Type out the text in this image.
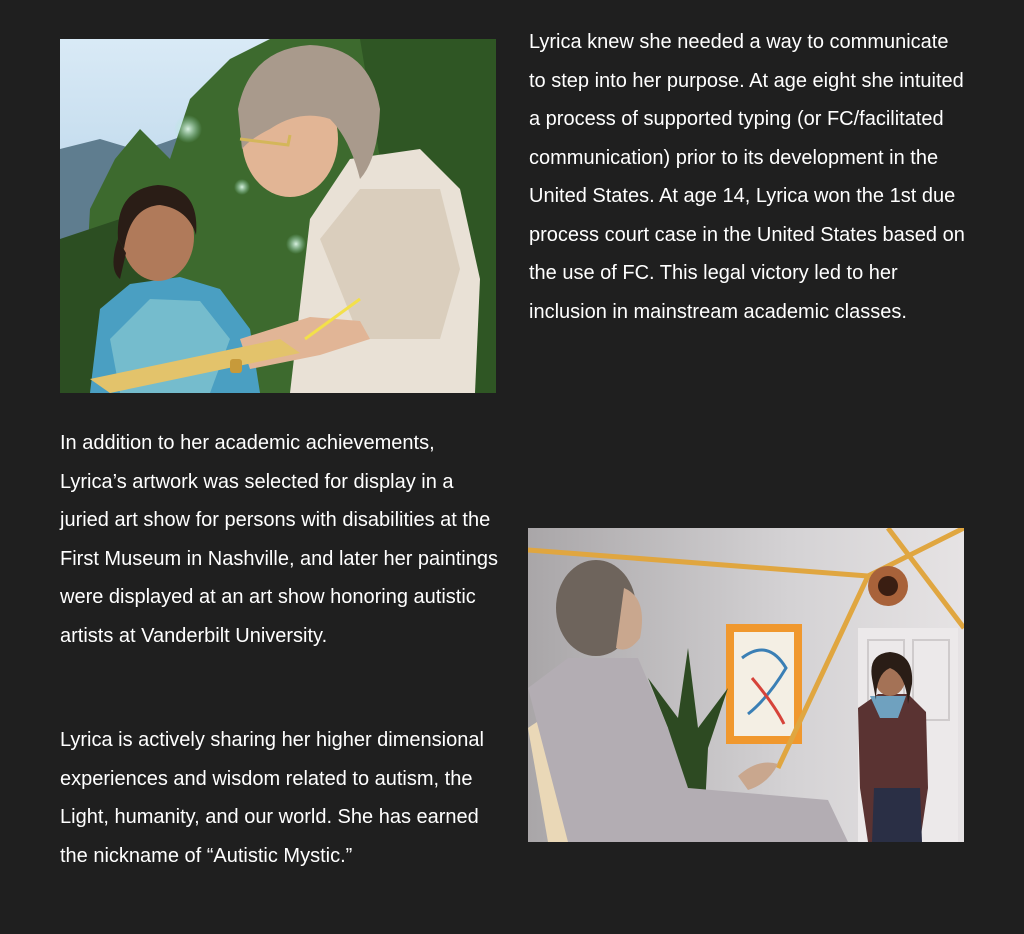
Lyrica knew she needed a way to communicate to step into her purpose. At age eight she intuited a process of supported typing (or FC/facilitated communication) prior to its development in the United States. At age 14, Lyrica won the 1st due process court case in the United States based on the use of FC. This legal victory led to her inclusion in mainstream academic classes.

In addition to her academic achievements, Lyrica’s artwork was selected for display in a juried art show for persons with disabilities at the First Museum in Nashville, and later her paintings were displayed at an art show honoring autistic artists at Vanderbilt University.

Lyrica is actively sharing her higher dimensional experiences and wisdom related to autism, the Light, humanity, and our world. She has earned the nickname of “Autistic Mystic.”
